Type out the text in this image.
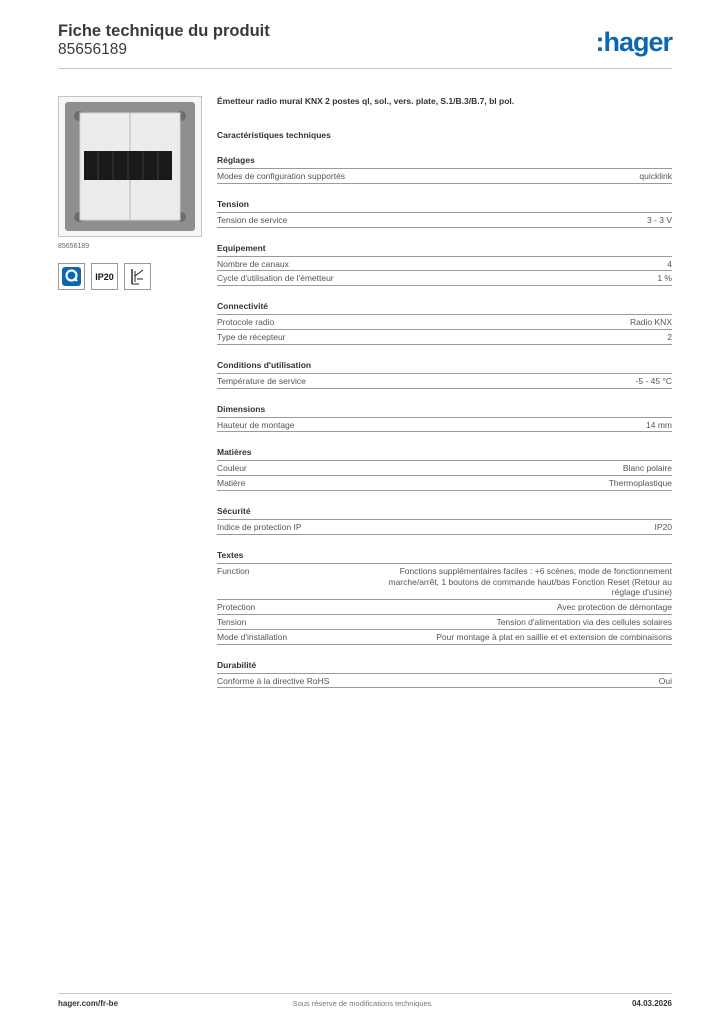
Fiche technique du produit
85656189	:hager
85656189
IP20
Émetteur radio mural KNX 2 postes ql, sol., vers. plate, S.1/B.3/B.7, bl pol.
Caractéristiques techniques
Réglages
Modes de configuration supportés	quicklink
Tension
Tension de service	3 - 3 V
Equipement
Nombre de canaux	4
Cycle d'utilisation de l'émetteur	1 %
Connectivité
Protocole radio	Radio KNX
Type de récepteur	2
Conditions d'utilisation
Température de service	-5 - 45 °C
Dimensions
Hauteur de montage	14 mm
Matières
Couleur	Blanc polaire
Matière	Thermoplastique
Sécurité
Indice de protection IP	IP20
Textes
Function	Fonctions supplémentaires faciles : +6 scènes, mode de fonctionnement marche/arrêt, 1 boutons de commande haut/bas Fonction Reset (Retour au réglage d'usine)
Protection	Avec protection de démontage
Tension	Tension d'alimentation via des cellules solaires
Mode d'installation	Pour montage à plat en saillie et et extension de combinaisons
Durabilité
Conforme à la directive RoHS	Oui
hager.com/fr-be	Sous réserve de modifications techniques	04.03.2026
